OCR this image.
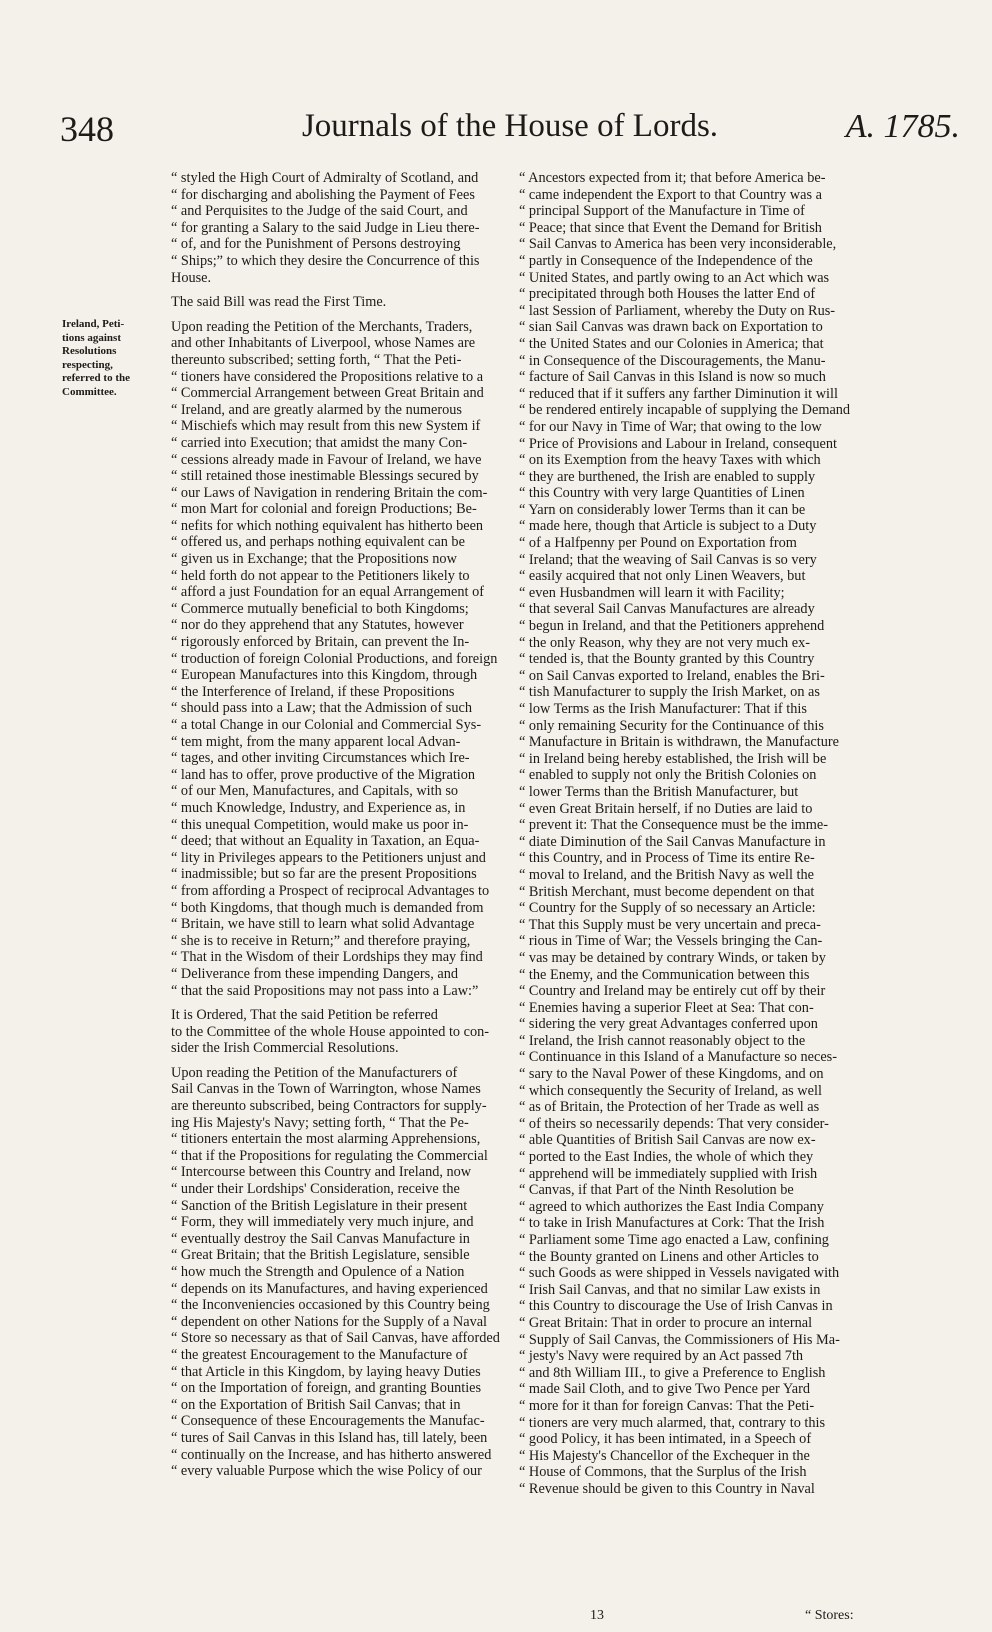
348	Journals of the House of Lords.	A. 1785.
Ireland, Peti-
tions against
Resolutions
respecting,
referred to the
Committee.
“ styled the High Court of Admiralty of Scotland, and
“ for discharging and abolishing the Payment of Fees
“ and Perquisites to the Judge of the said Court, and
“ for granting a Salary to the said Judge in Lieu there-
“ of, and for the Punishment of Persons destroying
“ Ships;” to which they desire the Concurrence of this
House.
The said Bill was read the First Time.
Upon reading the Petition of the Merchants, Traders,
and other Inhabitants of Liverpool, whose Names are
thereunto subscribed; setting forth, “ That the Peti-
“ tioners have considered the Propositions relative to a
“ Commercial Arrangement between Great Britain and
“ Ireland, and are greatly alarmed by the numerous
“ Mischiefs which may result from this new System if
“ carried into Execution; that amidst the many Con-
“ cessions already made in Favour of Ireland, we have
“ still retained those inestimable Blessings secured by
“ our Laws of Navigation in rendering Britain the com-
“ mon Mart for colonial and foreign Productions; Be-
“ nefits for which nothing equivalent has hitherto been
“ offered us, and perhaps nothing equivalent can be
“ given us in Exchange; that the Propositions now
“ held forth do not appear to the Petitioners likely to
“ afford a just Foundation for an equal Arrangement of
“ Commerce mutually beneficial to both Kingdoms;
“ nor do they apprehend that any Statutes, however
“ rigorously enforced by Britain, can prevent the In-
“ troduction of foreign Colonial Productions, and foreign
“ European Manufactures into this Kingdom, through
“ the Interference of Ireland, if these Propositions
“ should pass into a Law; that the Admission of such
“ a total Change in our Colonial and Commercial Sys-
“ tem might, from the many apparent local Advan-
“ tages, and other inviting Circumstances which Ire-
“ land has to offer, prove productive of the Migration
“ of our Men, Manufactures, and Capitals, with so
“ much Knowledge, Industry, and Experience as, in
“ this unequal Competition, would make us poor in-
“ deed; that without an Equality in Taxation, an Equa-
“ lity in Privileges appears to the Petitioners unjust and
“ inadmissible; but so far are the present Propositions
“ from affording a Prospect of reciprocal Advantages to
“ both Kingdoms, that though much is demanded from
“ Britain, we have still to learn what solid Advantage
“ she is to receive in Return;” and therefore praying,
“ That in the Wisdom of their Lordships they may find
“ Deliverance from these impending Dangers, and
“ that the said Propositions may not pass into a Law:”
It is Ordered, That the said Petition be referred
to the Committee of the whole House appointed to con-
sider the Irish Commercial Resolutions.
Upon reading the Petition of the Manufacturers of
Sail Canvas in the Town of Warrington, whose Names
are thereunto subscribed, being Contractors for supply-
ing His Majesty's Navy; setting forth, “ That the Pe-
“ titioners entertain the most alarming Apprehensions,
“ that if the Propositions for regulating the Commercial
“ Intercourse between this Country and Ireland, now
“ under their Lordships' Consideration, receive the
“ Sanction of the British Legislature in their present
“ Form, they will immediately very much injure, and
“ eventually destroy the Sail Canvas Manufacture in
“ Great Britain; that the British Legislature, sensible
“ how much the Strength and Opulence of a Nation
“ depends on its Manufactures, and having experienced
“ the Inconveniencies occasioned by this Country being
“ dependent on other Nations for the Supply of a Naval
“ Store so necessary as that of Sail Canvas, have afforded
“ the greatest Encouragement to the Manufacture of
“ that Article in this Kingdom, by laying heavy Duties
“ on the Importation of foreign, and granting Bounties
“ on the Exportation of British Sail Canvas; that in
“ Consequence of these Encouragements the Manufac-
“ tures of Sail Canvas in this Island has, till lately, been
“ continually on the Increase, and has hitherto answered
“ every valuable Purpose which the wise Policy of our
“ Ancestors expected from it; that before America be-
“ came independent the Export to that Country was a
“ principal Support of the Manufacture in Time of
“ Peace; that since that Event the Demand for British
“ Sail Canvas to America has been very inconsiderable,
“ partly in Consequence of the Independence of the
“ United States, and partly owing to an Act which was
“ precipitated through both Houses the latter End of
“ last Session of Parliament, whereby the Duty on Rus-
“ sian Sail Canvas was drawn back on Exportation to
“ the United States and our Colonies in America; that
“ in Consequence of the Discouragements, the Manu-
“ facture of Sail Canvas in this Island is now so much
“ reduced that if it suffers any farther Diminution it will
“ be rendered entirely incapable of supplying the Demand
“ for our Navy in Time of War; that owing to the low
“ Price of Provisions and Labour in Ireland, consequent
“ on its Exemption from the heavy Taxes with which
“ they are burthened, the Irish are enabled to supply
“ this Country with very large Quantities of Linen
“ Yarn on considerably lower Terms than it can be
“ made here, though that Article is subject to a Duty
“ of a Halfpenny per Pound on Exportation from
“ Ireland; that the weaving of Sail Canvas is so very
“ easily acquired that not only Linen Weavers, but
“ even Husbandmen will learn it with Facility;
“ that several Sail Canvas Manufactures are already
“ begun in Ireland, and that the Petitioners apprehend
“ the only Reason, why they are not very much ex-
“ tended is, that the Bounty granted by this Country
“ on Sail Canvas exported to Ireland, enables the Bri-
“ tish Manufacturer to supply the Irish Market, on as
“ low Terms as the Irish Manufacturer: That if this
“ only remaining Security for the Continuance of this
“ Manufacture in Britain is withdrawn, the Manufacture
“ in Ireland being hereby established, the Irish will be
“ enabled to supply not only the British Colonies on
“ lower Terms than the British Manufacturer, but
“ even Great Britain herself, if no Duties are laid to
“ prevent it: That the Consequence must be the imme-
“ diate Diminution of the Sail Canvas Manufacture in
“ this Country, and in Process of Time its entire Re-
“ moval to Ireland, and the British Navy as well the
“ British Merchant, must become dependent on that
“ Country for the Supply of so necessary an Article:
“ That this Supply must be very uncertain and preca-
“ rious in Time of War; the Vessels bringing the Can-
“ vas may be detained by contrary Winds, or taken by
“ the Enemy, and the Communication between this
“ Country and Ireland may be entirely cut off by their
“ Enemies having a superior Fleet at Sea: That con-
“ sidering the very great Advantages conferred upon
“ Ireland, the Irish cannot reasonably object to the
“ Continuance in this Island of a Manufacture so neces-
“ sary to the Naval Power of these Kingdoms, and on
“ which consequently the Security of Ireland, as well
“ as of Britain, the Protection of her Trade as well as
“ of theirs so necessarily depends: That very consider-
“ able Quantities of British Sail Canvas are now ex-
“ ported to the East Indies, the whole of which they
“ apprehend will be immediately supplied with Irish
“ Canvas, if that Part of the Ninth Resolution be
“ agreed to which authorizes the East India Company
“ to take in Irish Manufactures at Cork: That the Irish
“ Parliament some Time ago enacted a Law, confining
“ the Bounty granted on Linens and other Articles to
“ such Goods as were shipped in Vessels navigated with
“ Irish Sail Canvas, and that no similar Law exists in
“ this Country to discourage the Use of Irish Canvas in
“ Great Britain: That in order to procure an internal
“ Supply of Sail Canvas, the Commissioners of His Ma-
“ jesty's Navy were required by an Act passed 7th
“ and 8th William III., to give a Preference to English
“ made Sail Cloth, and to give Two Pence per Yard
“ more for it than for foreign Canvas: That the Peti-
“ tioners are very much alarmed, that, contrary to this
“ good Policy, it has been intimated, in a Speech of
“ His Majesty's Chancellor of the Exchequer in the
“ House of Commons, that the Surplus of the Irish
“ Revenue should be given to this Country in Naval
13	“ Stores:
